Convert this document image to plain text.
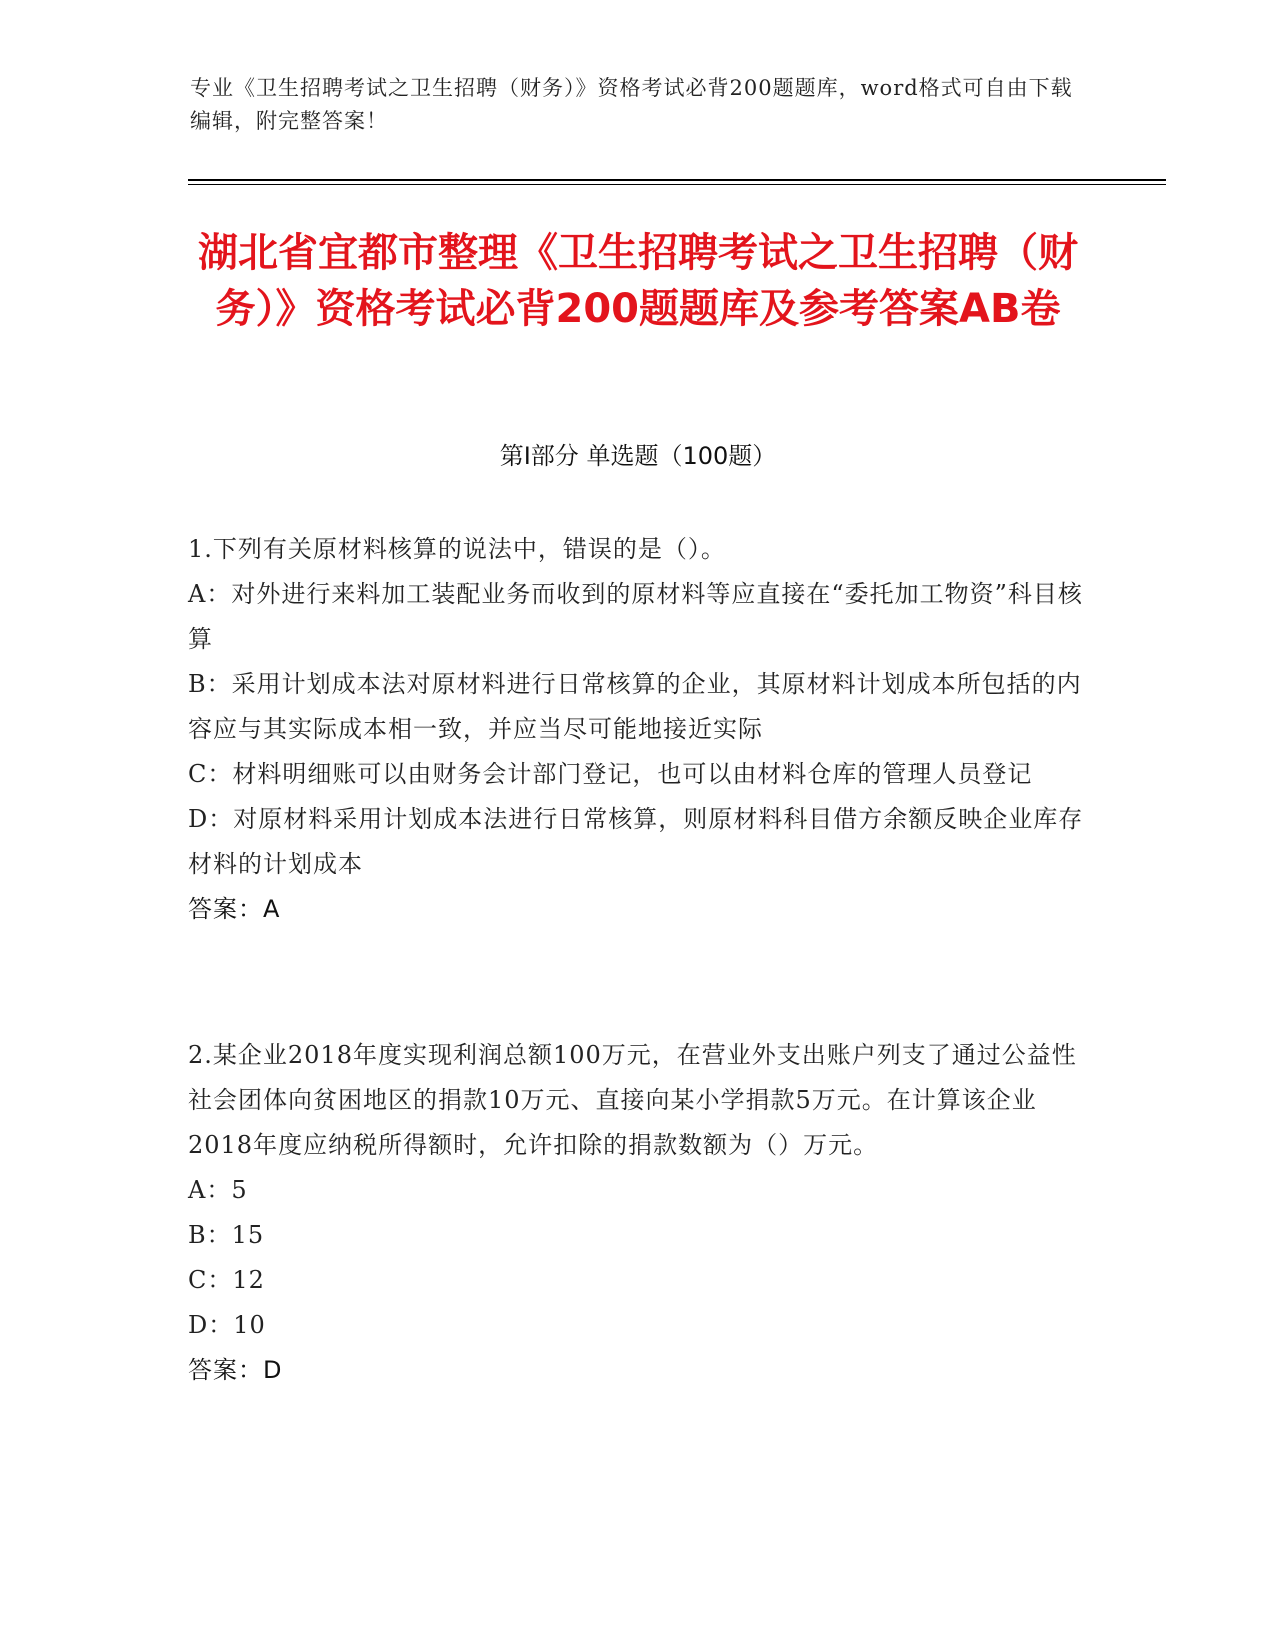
专业《卫生招聘考试之卫生招聘（财务）》资格考试必背200题题库，word格式可自由下载编辑，附完整答案！
湖北省宜都市整理《卫生招聘考试之卫生招聘（财务）》资格考试必背200题题库及参考答案AB卷
第I部分 单选题（100题）

1.下列有关原材料核算的说法中，错误的是（）。

A：对外进行来料加工装配业务而收到的原材料等应直接在“委托加工物资”科目核算

B：采用计划成本法对原材料进行日常核算的企业，其原材料计划成本所包括的内容应与其实际成本相一致，并应当尽可能地接近实际

C：材料明细账可以由财务会计部门登记，也可以由材料仓库的管理人员登记

D：对原材料采用计划成本法进行日常核算，则原材料科目借方余额反映企业库存材料的计划成本

答案：A

2.某企业2018年度实现利润总额100万元，在营业外支出账户列支了通过公益性社会团体向贫困地区的捐款10万元、直接向某小学捐款5万元。在计算该企业2018年度应纳税所得额时，允许扣除的捐款数额为（）万元。

A：5

B：15

C：12

D：10

答案：D
